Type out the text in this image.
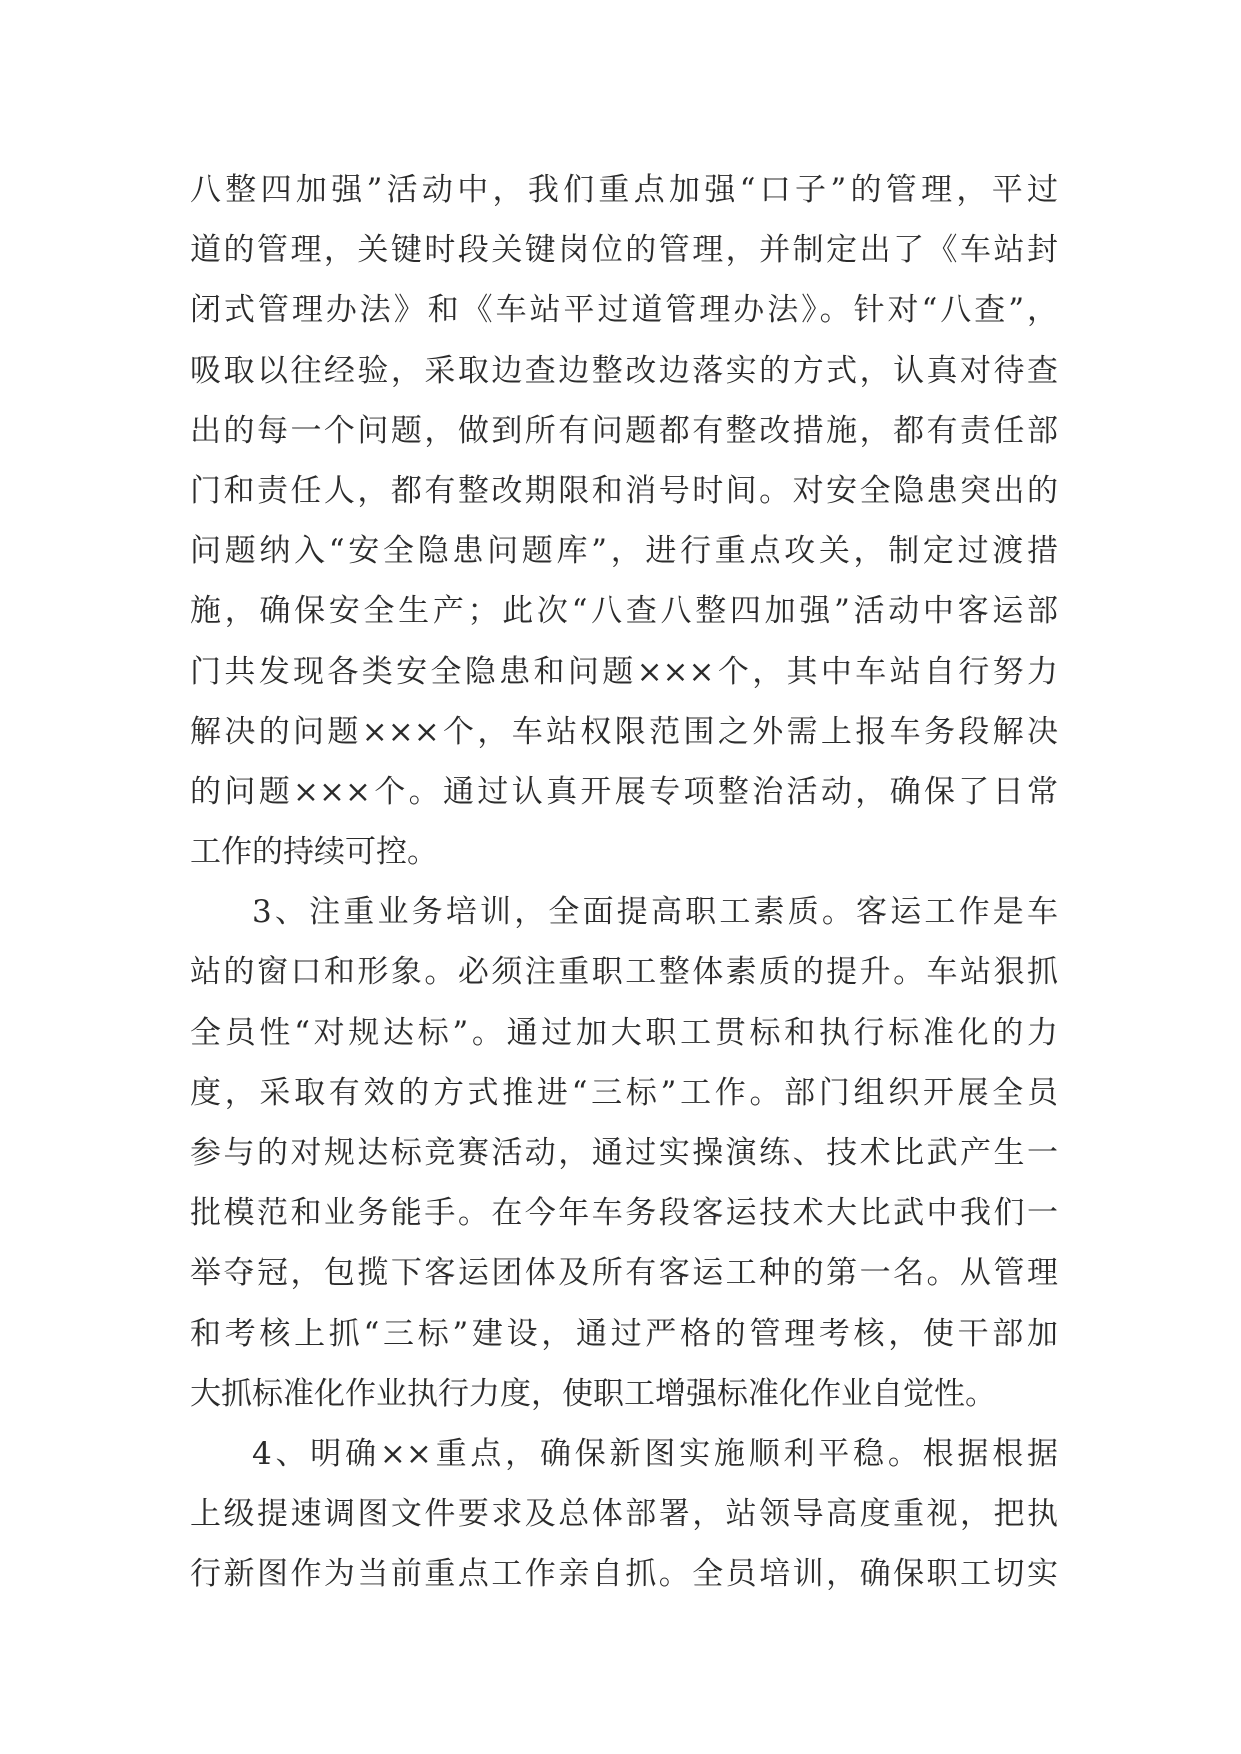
八整四加强”活动中，我们重点加强“口子”的管理，平过
道的管理，关键时段关键岗位的管理，并制定出了《车站封
闭式管理办法》和《车站平过道管理办法》。针对“八查”，
吸取以往经验，采取边查边整改边落实的方式，认真对待查
出的每一个问题，做到所有问题都有整改措施，都有责任部
门和责任人，都有整改期限和消号时间。对安全隐患突出的
问题纳入“安全隐患问题库”，进行重点攻关，制定过渡措
施，确保安全生产；此次“八查八整四加强”活动中客运部
门共发现各类安全隐患和问题×××个，其中车站自行努力
解决的问题×××个，车站权限范围之外需上报车务段解决
的问题×××个。通过认真开展专项整治活动，确保了日常
工作的持续可控。
3、注重业务培训，全面提高职工素质。客运工作是车
站的窗口和形象。必须注重职工整体素质的提升。车站狠抓
全员性“对规达标”。通过加大职工贯标和执行标准化的力
度，采取有效的方式推进“三标”工作。部门组织开展全员
参与的对规达标竞赛活动，通过实操演练、技术比武产生一
批模范和业务能手。在今年车务段客运技术大比武中我们一
举夺冠，包揽下客运团体及所有客运工种的第一名。从管理
和考核上抓“三标”建设，通过严格的管理考核，使干部加
大抓标准化作业执行力度，使职工增强标准化作业自觉性。
4、明确××重点，确保新图实施顺利平稳。根据根据
上级提速调图文件要求及总体部署，站领导高度重视，把执
行新图作为当前重点工作亲自抓。全员培训，确保职工切实
